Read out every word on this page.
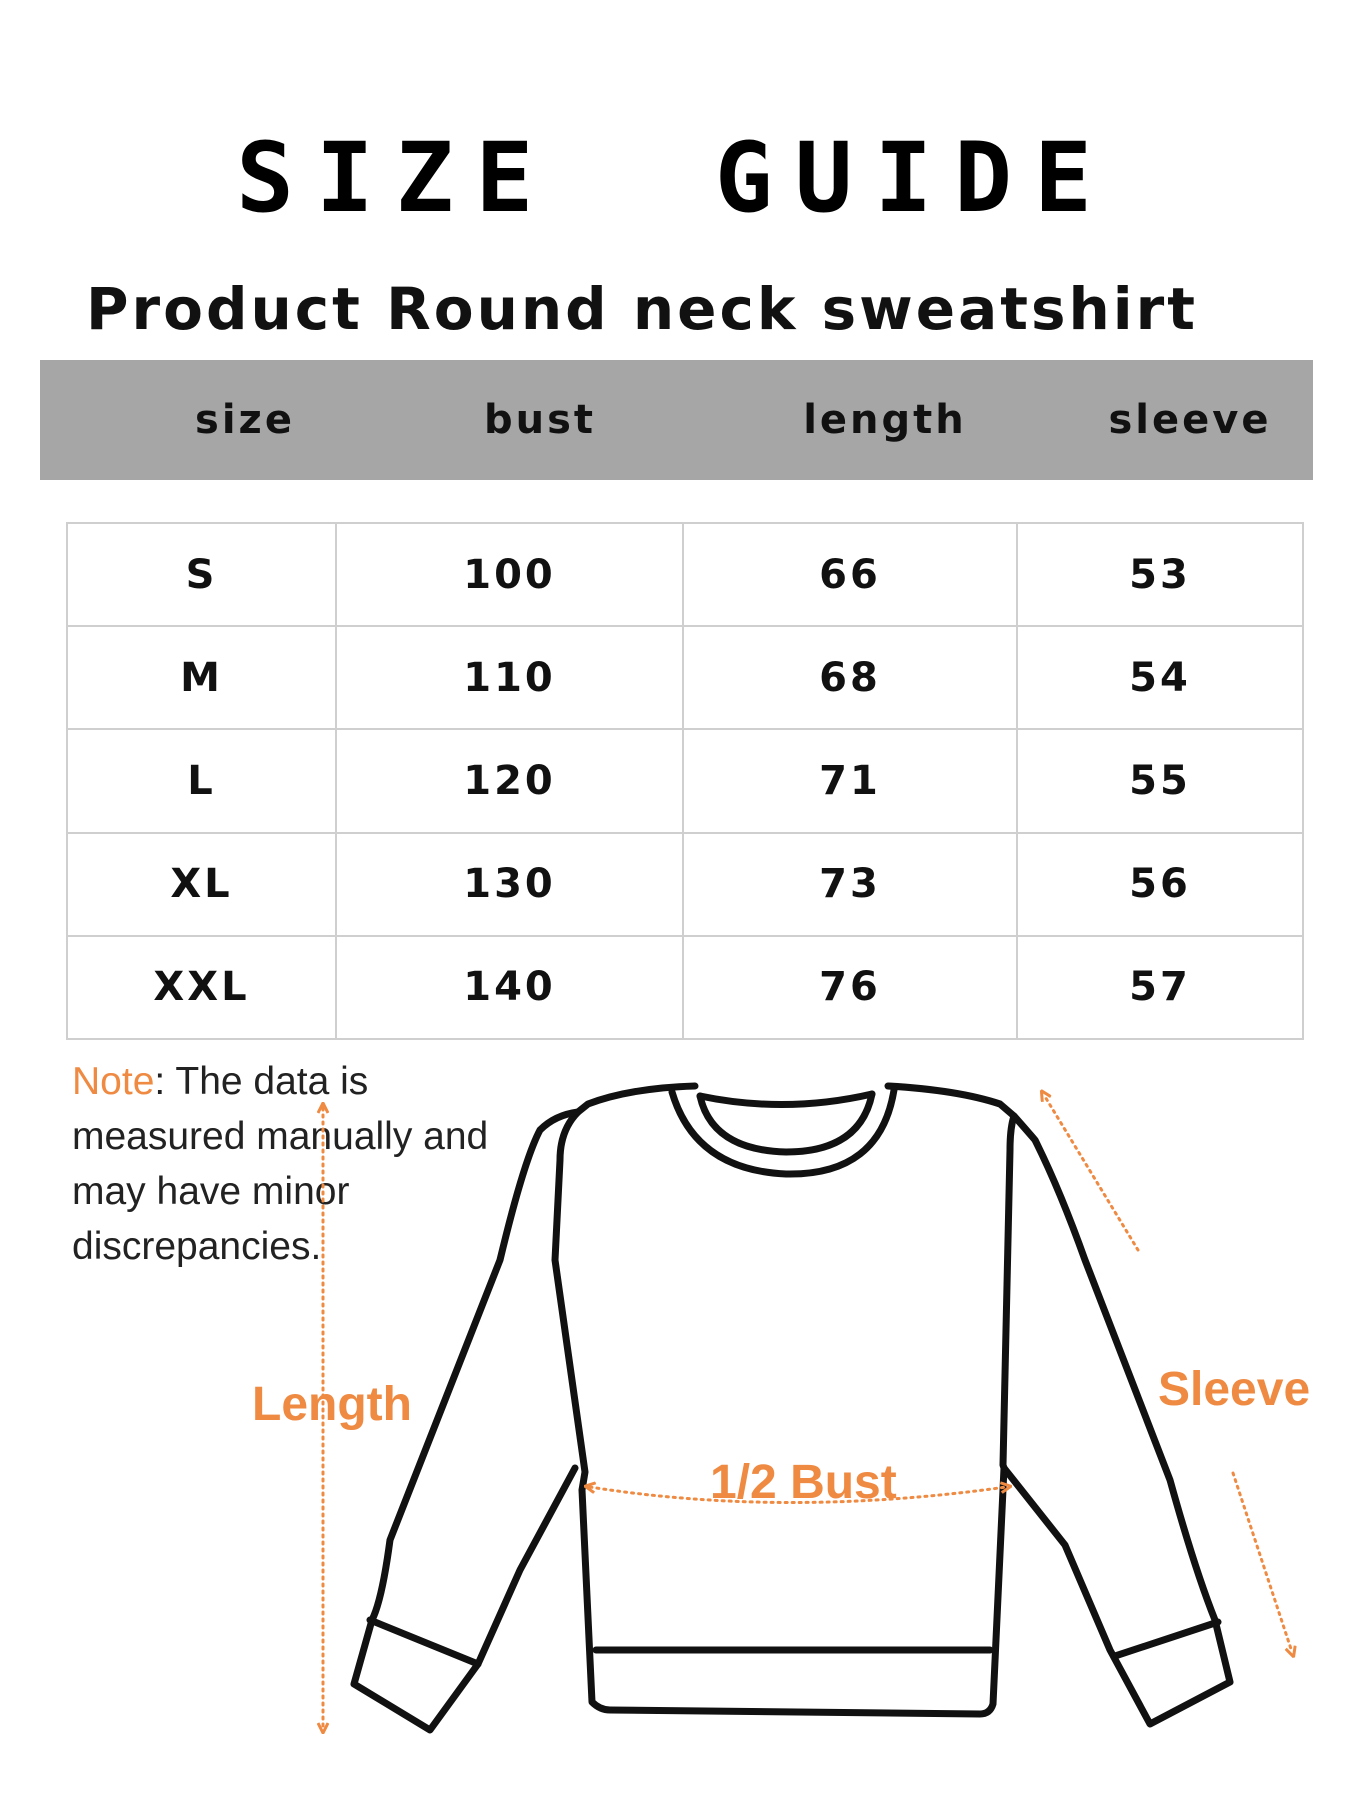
SIZE  GUIDE
Product Round neck sweatshirt
size	bust	length	sleeve
S	100	66	53
M	110	68	54
L	120	71	55
XL	130	73	56
XXL	140	76	57
Note: The data is measured manually and may have minor discrepancies.
Length	Sleeve
1/2 Bust
